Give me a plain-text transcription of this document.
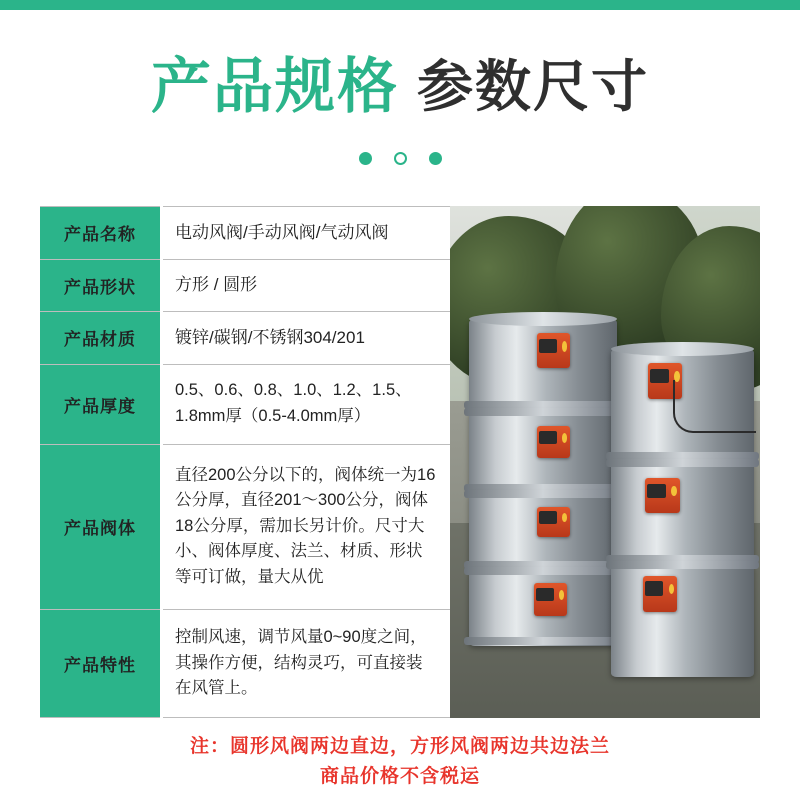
产品规格 参数尺寸
产品名称	电动风阀/手动风阀/气动风阀
产品形状	方形 / 圆形
产品材质	镀锌/碳钢/不锈钢304/201
产品厚度	0.5、0.6、0.8、1.0、1.2、1.5、1.8mm厚（0.5-4.0mm厚）
产品阀体	直径200公分以下的，阀体统一为16公分厚，直径201～300公分，阀体18公分厚，需加长另计价。尺寸大小、阀体厚度、法兰、材质、形状等可订做，量大从优
产品特性	控制风速，调节风量0~90度之间，其操作方便，结构灵巧，可直接装在风管上。
注：圆形风阀两边直边，方形风阀两边共边法兰
商品价格不含税运
